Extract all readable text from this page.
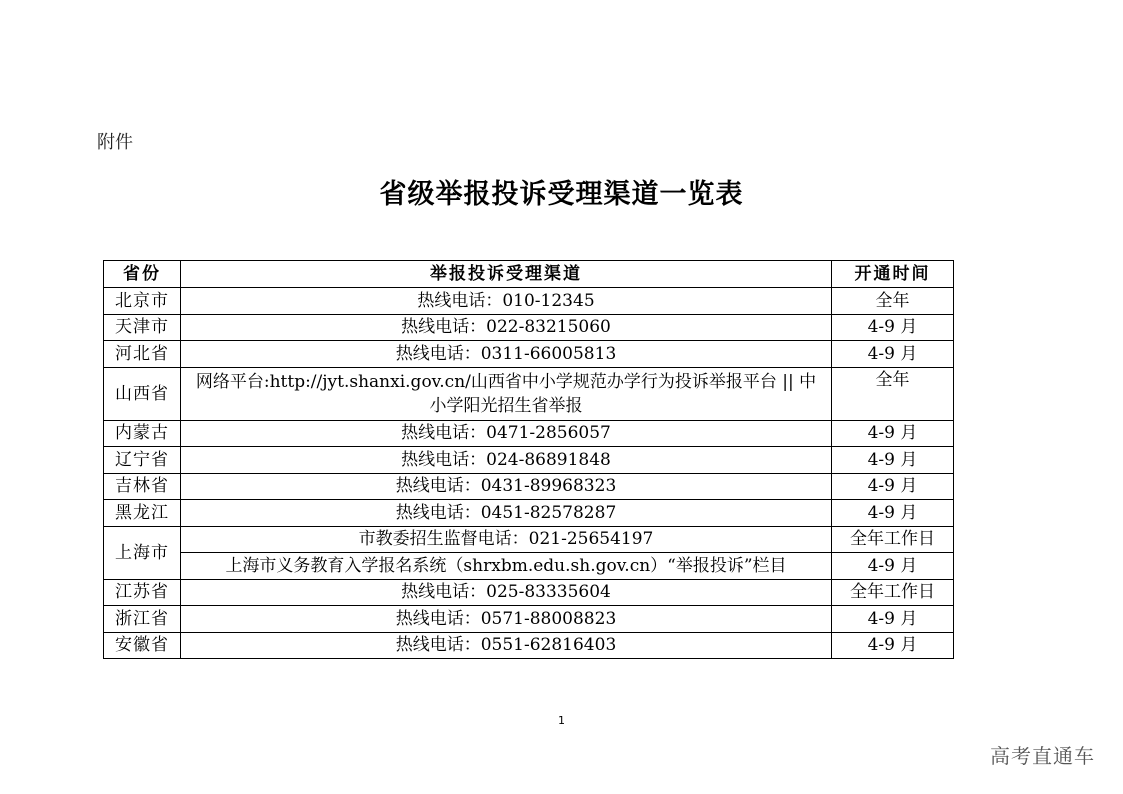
附件
省级举报投诉受理渠道一览表
省份	举报投诉受理渠道	开通时间
北京市	热线电话：010-12345	全年
天津市	热线电话：022-83215060	4-9 月
河北省	热线电话：0311-66005813	4-9 月
山西省	网络平台:http://jyt.shanxi.gov.cn/山西省中小学规范办学行为投诉举报平台 || 中小学阳光招生省举报	全年
内蒙古	热线电话：0471-2856057	4-9 月
辽宁省	热线电话：024-86891848	4-9 月
吉林省	热线电话：0431-89968323	4-9 月
黑龙江	热线电话：0451-82578287	4-9 月
上海市	市教委招生监督电话：021-25654197	全年工作日
	上海市义务教育入学报名系统（shrxbm.edu.sh.gov.cn）“举报投诉”栏目	4-9 月
江苏省	热线电话：025-83335604	全年工作日
浙江省	热线电话：0571-88008823	4-9 月
安徽省	热线电话：0551-62816403	4-9 月
1
高考直通车
